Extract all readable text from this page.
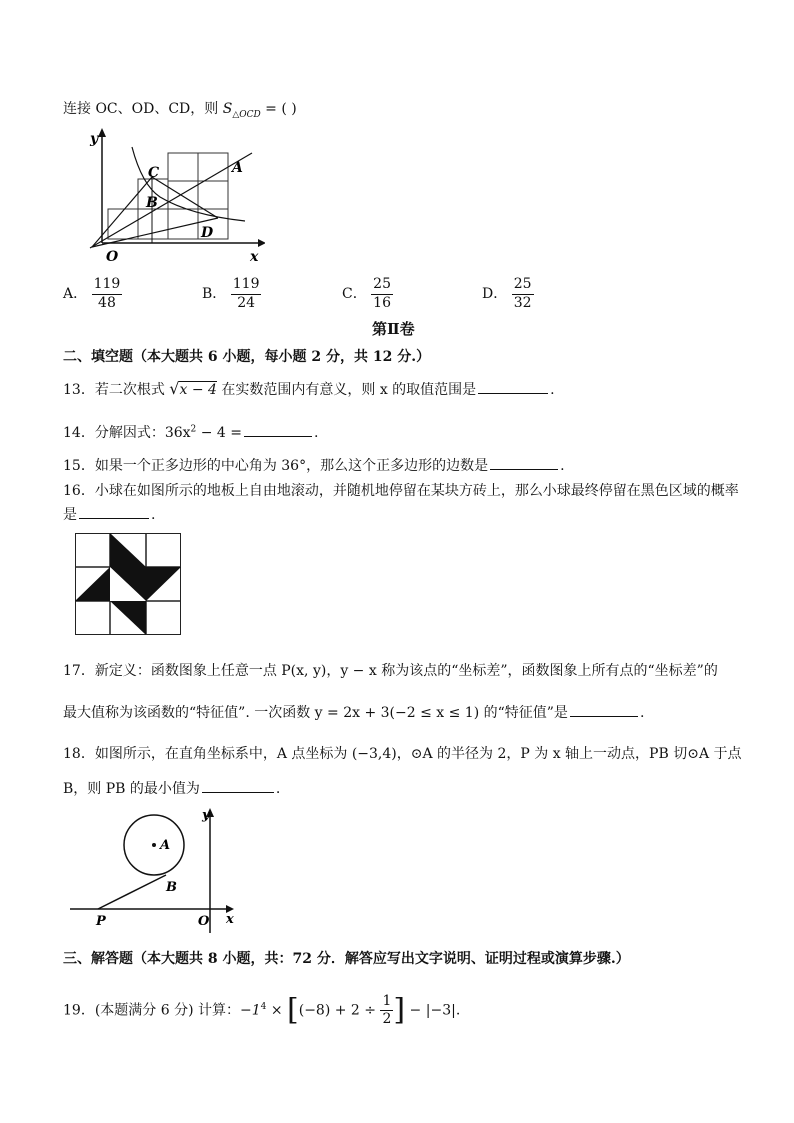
连接 OC、OD、CD，则 $S_{\triangle OCD}$ = ( )
y
x
O
A
B
C
D
A． $\frac{119}{48}$	B． $\frac{119}{24}$	C． $\frac{25}{16}$	D． $\frac{25}{32}$
第Ⅱ卷
二、填空题（本大题共 6 小题，每小题 2 分，共 12 分.）
13．若二次根式 √x − 4 在实数范围内有意义，则 x 的取值范围是	.
14．分解因式：$36x^2 - 4$ =	.
15．如果一个正多边形的中心角为 36°，那么这个正多边形的边数是	.
16．小球在如图所示的地板上自由地滚动，并随机地停留在某块方砖上，那么小球最终停留在黑色区域的概率
是	.
17．新定义：函数图象上任意一点 P(x, y)，y − x 称为该点的“坐标差”，函数图象上所有点的“坐标差”的
最大值称为该函数的“特征值”. 一次函数 y = 2x + 3(−2 ≤ x ≤ 1) 的“特征值”是	.
18．如图所示，在直角坐标系中，A 点坐标为 (−3,4)，⊙A 的半径为 2，P 为 x 轴上一动点，PB 切⊙A 于点
B，则 PB 的最小值为	.
y
x
O
A
B
P
三、解答题（本大题共 8 小题，共：72 分．解答应写出文字说明、证明过程或演算步骤.）
19．(本题满分 6 分) 计算：$-1^4 \times [(-8) + 2 \div \frac{1}{2}$ ] − |−3|.
